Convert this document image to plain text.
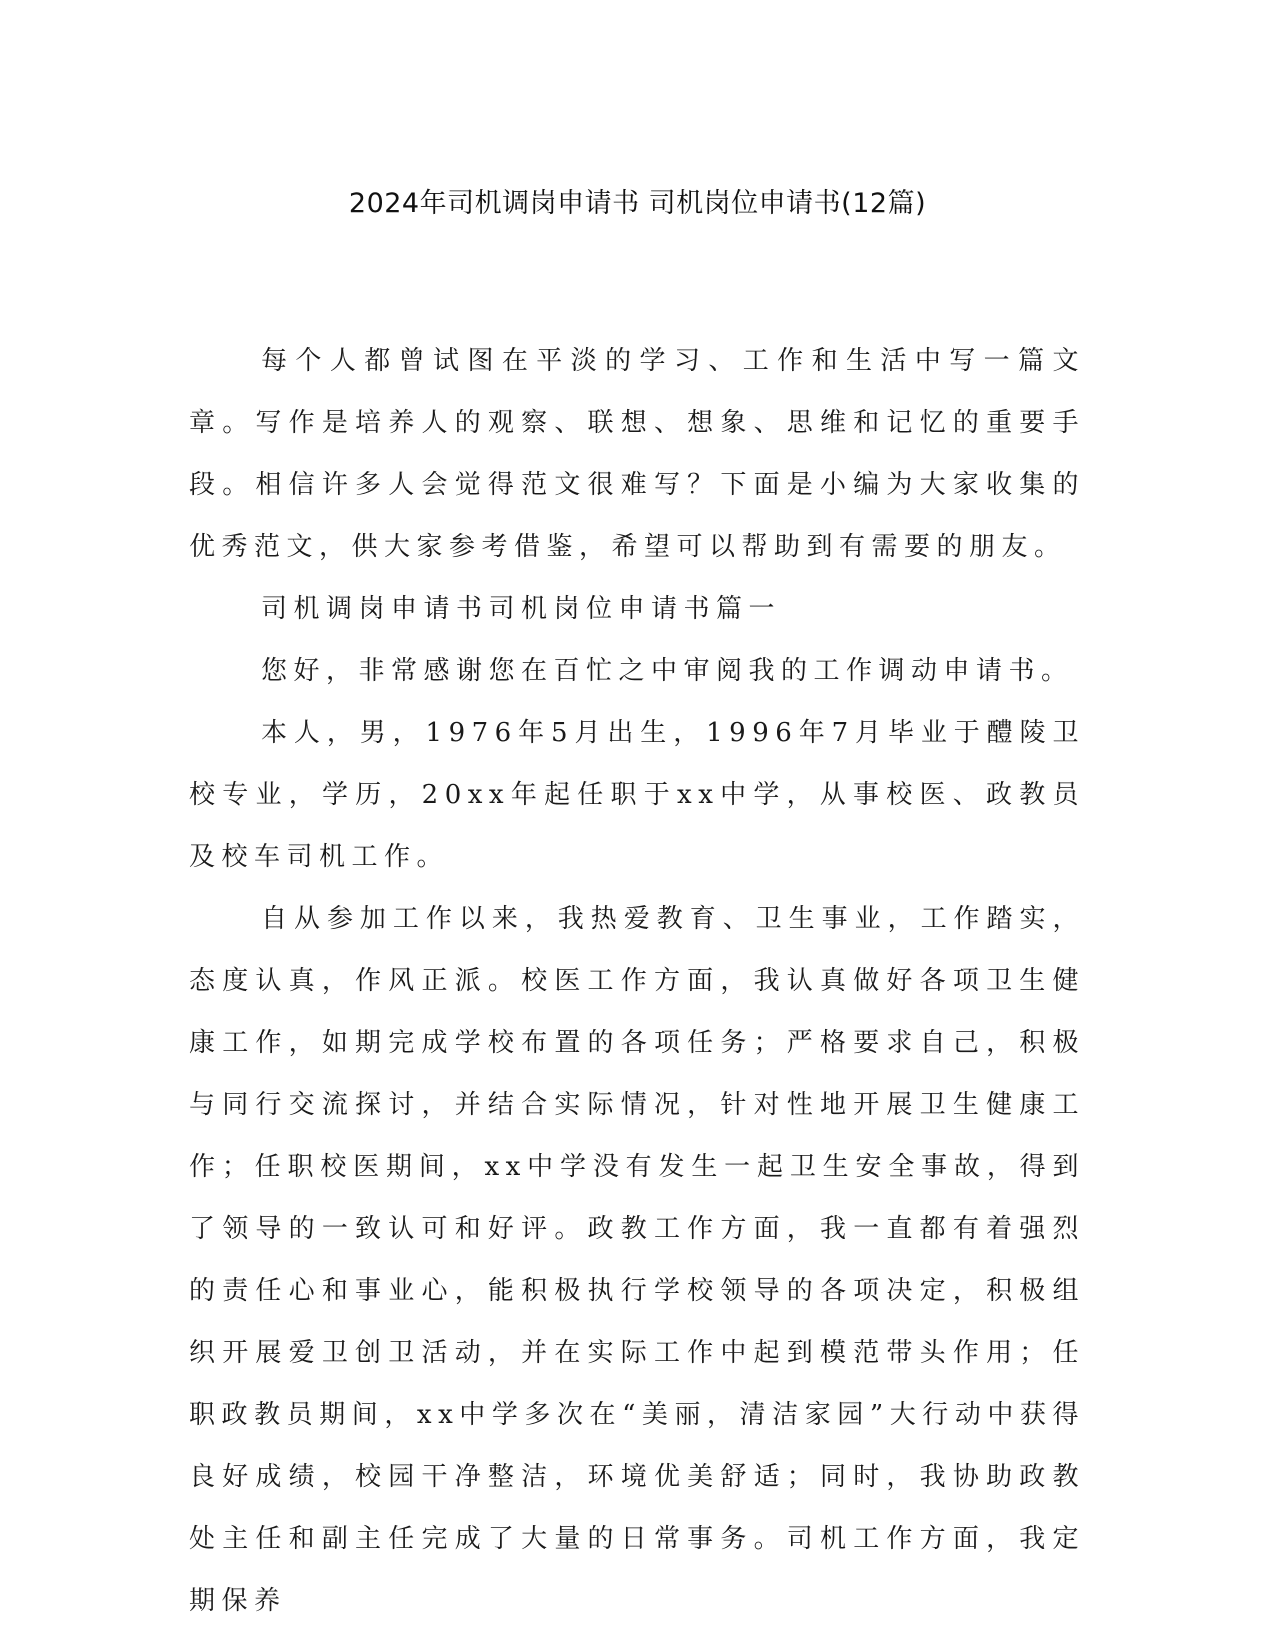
2024年司机调岗申请书 司机岗位申请书(12篇)

每个人都曾试图在平淡的学习、工作和生活中写一篇文章。写作是培养人的观察、联想、想象、思维和记忆的重要手段。相信许多人会觉得范文很难写？下面是小编为大家收集的优秀范文，供大家参考借鉴，希望可以帮助到有需要的朋友。

司机调岗申请书司机岗位申请书篇一

您好，非常感谢您在百忙之中审阅我的工作调动申请书。

本人，男，1976年5月出生，1996年7月毕业于醴陵卫校专业，学历，20xx年起任职于xx中学，从事校医、政教员及校车司机工作。

自从参加工作以来，我热爱教育、卫生事业，工作踏实，态度认真，作风正派。校医工作方面，我认真做好各项卫生健康工作，如期完成学校布置的各项任务；严格要求自己，积极与同行交流探讨，并结合实际情况，针对性地开展卫生健康工作；任职校医期间，xx中学没有发生一起卫生安全事故，得到了领导的一致认可和好评。政教工作方面，我一直都有着强烈的责任心和事业心，能积极执行学校领导的各项决定，积极组织开展爱卫创卫活动，并在实际工作中起到模范带头作用；任职政教员期间，xx中学多次在“美丽，清洁家园”大行动中获得良好成绩，校园干净整洁，环境优美舒适；同时，我协助政教处主任和副主任完成了大量的日常事务。司机工作方面，我定期保养
